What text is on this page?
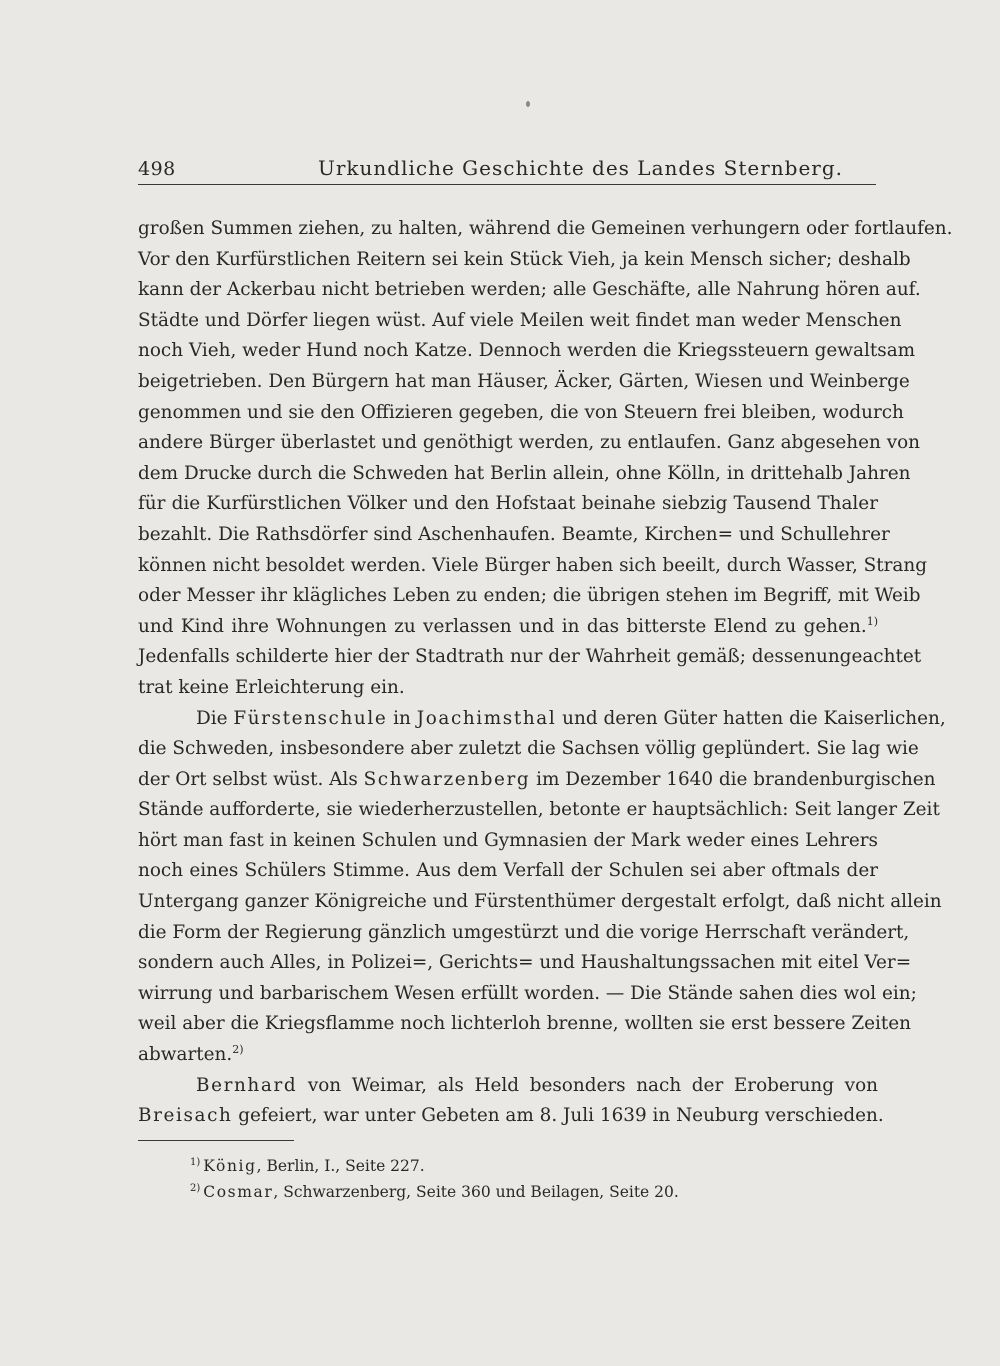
498	Urkundliche Geschichte des Landes Sternberg.
großen Summen ziehen, zu halten, während die Gemeinen verhungern oder fortlaufen.
Vor den Kurfürstlichen Reitern sei kein Stück Vieh, ja kein Mensch sicher; deshalb
kann der Ackerbau nicht betrieben werden; alle Geschäfte, alle Nahrung hören auf.
Städte und Dörfer liegen wüst. Auf viele Meilen weit findet man weder Menschen
noch Vieh, weder Hund noch Katze. Dennoch werden die Kriegssteuern gewaltsam
beigetrieben. Den Bürgern hat man Häuser, Äcker, Gärten, Wiesen und Weinberge
genommen und sie den Offizieren gegeben, die von Steuern frei bleiben, wodurch
andere Bürger überlastet und genöthigt werden, zu entlaufen. Ganz abgesehen von
dem Drucke durch die Schweden hat Berlin allein, ohne Kölln, in drittehalb Jahren
für die Kurfürstlichen Völker und den Hofstaat beinahe siebzig Tausend Thaler
bezahlt. Die Rathsdörfer sind Aschenhaufen. Beamte, Kirchen= und Schullehrer
können nicht besoldet werden. Viele Bürger haben sich beeilt, durch Wasser, Strang
oder Messer ihr klägliches Leben zu enden; die übrigen stehen im Begriff, mit Weib
und Kind ihre Wohnungen zu verlassen und in das bitterste Elend zu gehen.$^{1)}$
Jedenfalls schilderte hier der Stadtrath nur der Wahrheit gemäß; dessenungeachtet
trat keine Erleichterung ein.
Die Fürstenschule in Joachimsthal und deren Güter hatten die Kaiserlichen,
die Schweden, insbesondere aber zuletzt die Sachsen völlig geplündert. Sie lag wie
der Ort selbst wüst. Als Schwarzenberg im Dezember 1640 die brandenburgischen
Stände aufforderte, sie wiederherzustellen, betonte er hauptsächlich: Seit langer Zeit
hört man fast in keinen Schulen und Gymnasien der Mark weder eines Lehrers
noch eines Schülers Stimme. Aus dem Verfall der Schulen sei aber oftmals der
Untergang ganzer Königreiche und Fürstenthümer dergestalt erfolgt, daß nicht allein
die Form der Regierung gänzlich umgestürzt und die vorige Herrschaft verändert,
sondern auch Alles, in Polizei=, Gerichts= und Haushaltungssachen mit eitel Ver=
wirrung und barbarischem Wesen erfüllt worden. — Die Stände sahen dies wol ein;
weil aber die Kriegsflamme noch lichterloh brenne, wollten sie erst bessere Zeiten
abwarten.$^{2)}$
Bernhard von Weimar, als Held besonders nach der Eroberung von
Breisach gefeiert, war unter Gebeten am 8. Juli 1639 in Neuburg verschieden.
$^{1)}$ König, Berlin, I., Seite 227.
$^{2)}$ Cosmar, Schwarzenberg, Seite 360 und Beilagen, Seite 20.
